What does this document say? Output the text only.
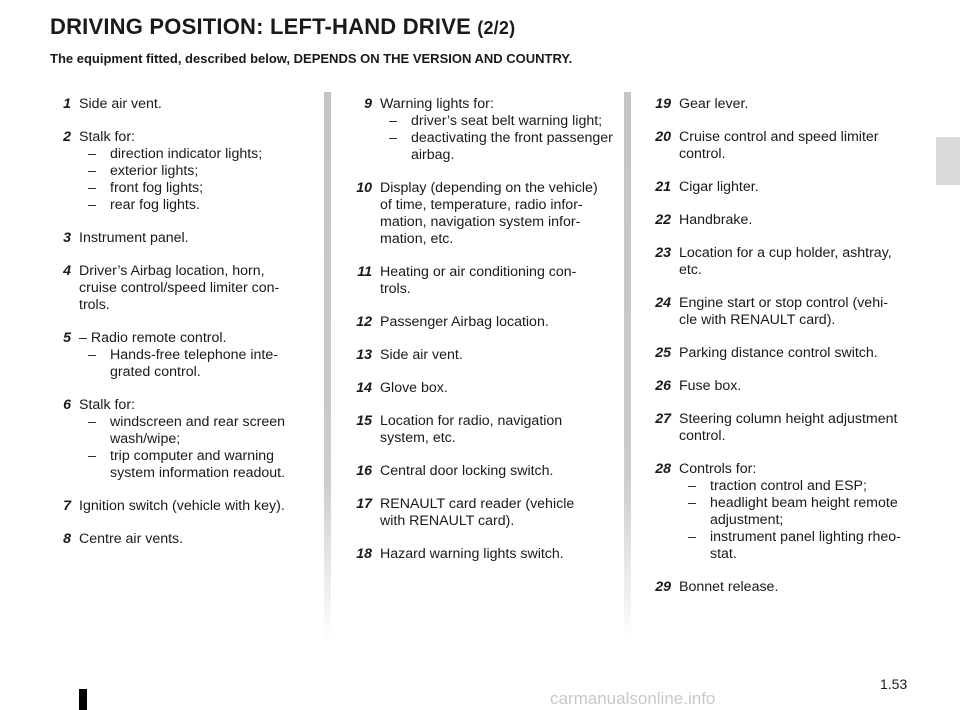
DRIVING POSITION: LEFT-HAND DRIVE (2/2)
The equipment fitted, described below, DEPENDS ON THE VERSION AND COUNTRY.
1 Side air vent.
2 Stalk for:
– direction indicator lights;
– exterior lights;
– front fog lights;
– rear fog lights.
3 Instrument panel.
4 Driver’s Airbag location, horn,
cruise control/speed limiter con-
trols.
5 – Radio remote control.
– Hands-free telephone inte-
grated control.
6 Stalk for:
– windscreen and rear screen
wash/wipe;
– trip computer and warning
system information readout.
7 Ignition switch (vehicle with key).
8 Centre air vents.
9 Warning lights for:
– driver’s seat belt warning light;
– deactivating the front passenger
airbag.
10 Display (depending on the vehicle)
of time, temperature, radio infor-
mation, navigation system infor-
mation, etc.
11 Heating or air conditioning con-
trols.
12 Passenger Airbag location.
13 Side air vent.
14 Glove box.
15 Location for radio, navigation
system, etc.
16 Central door locking switch.
17 RENAULT card reader (vehicle
with RENAULT card).
18 Hazard warning lights switch.
19 Gear lever.
20 Cruise control and speed limiter
control.
21 Cigar lighter.
22 Handbrake.
23 Location for a cup holder, ashtray,
etc.
24 Engine start or stop control (vehi-
cle with RENAULT card).
25 Parking distance control switch.
26 Fuse box.
27 Steering column height adjustment
control.
28 Controls for:
– traction control and ESP;
– headlight beam height remote
adjustment;
– instrument panel lighting rheo-
stat.
29 Bonnet release.
1.53
carmanualsonline.info
